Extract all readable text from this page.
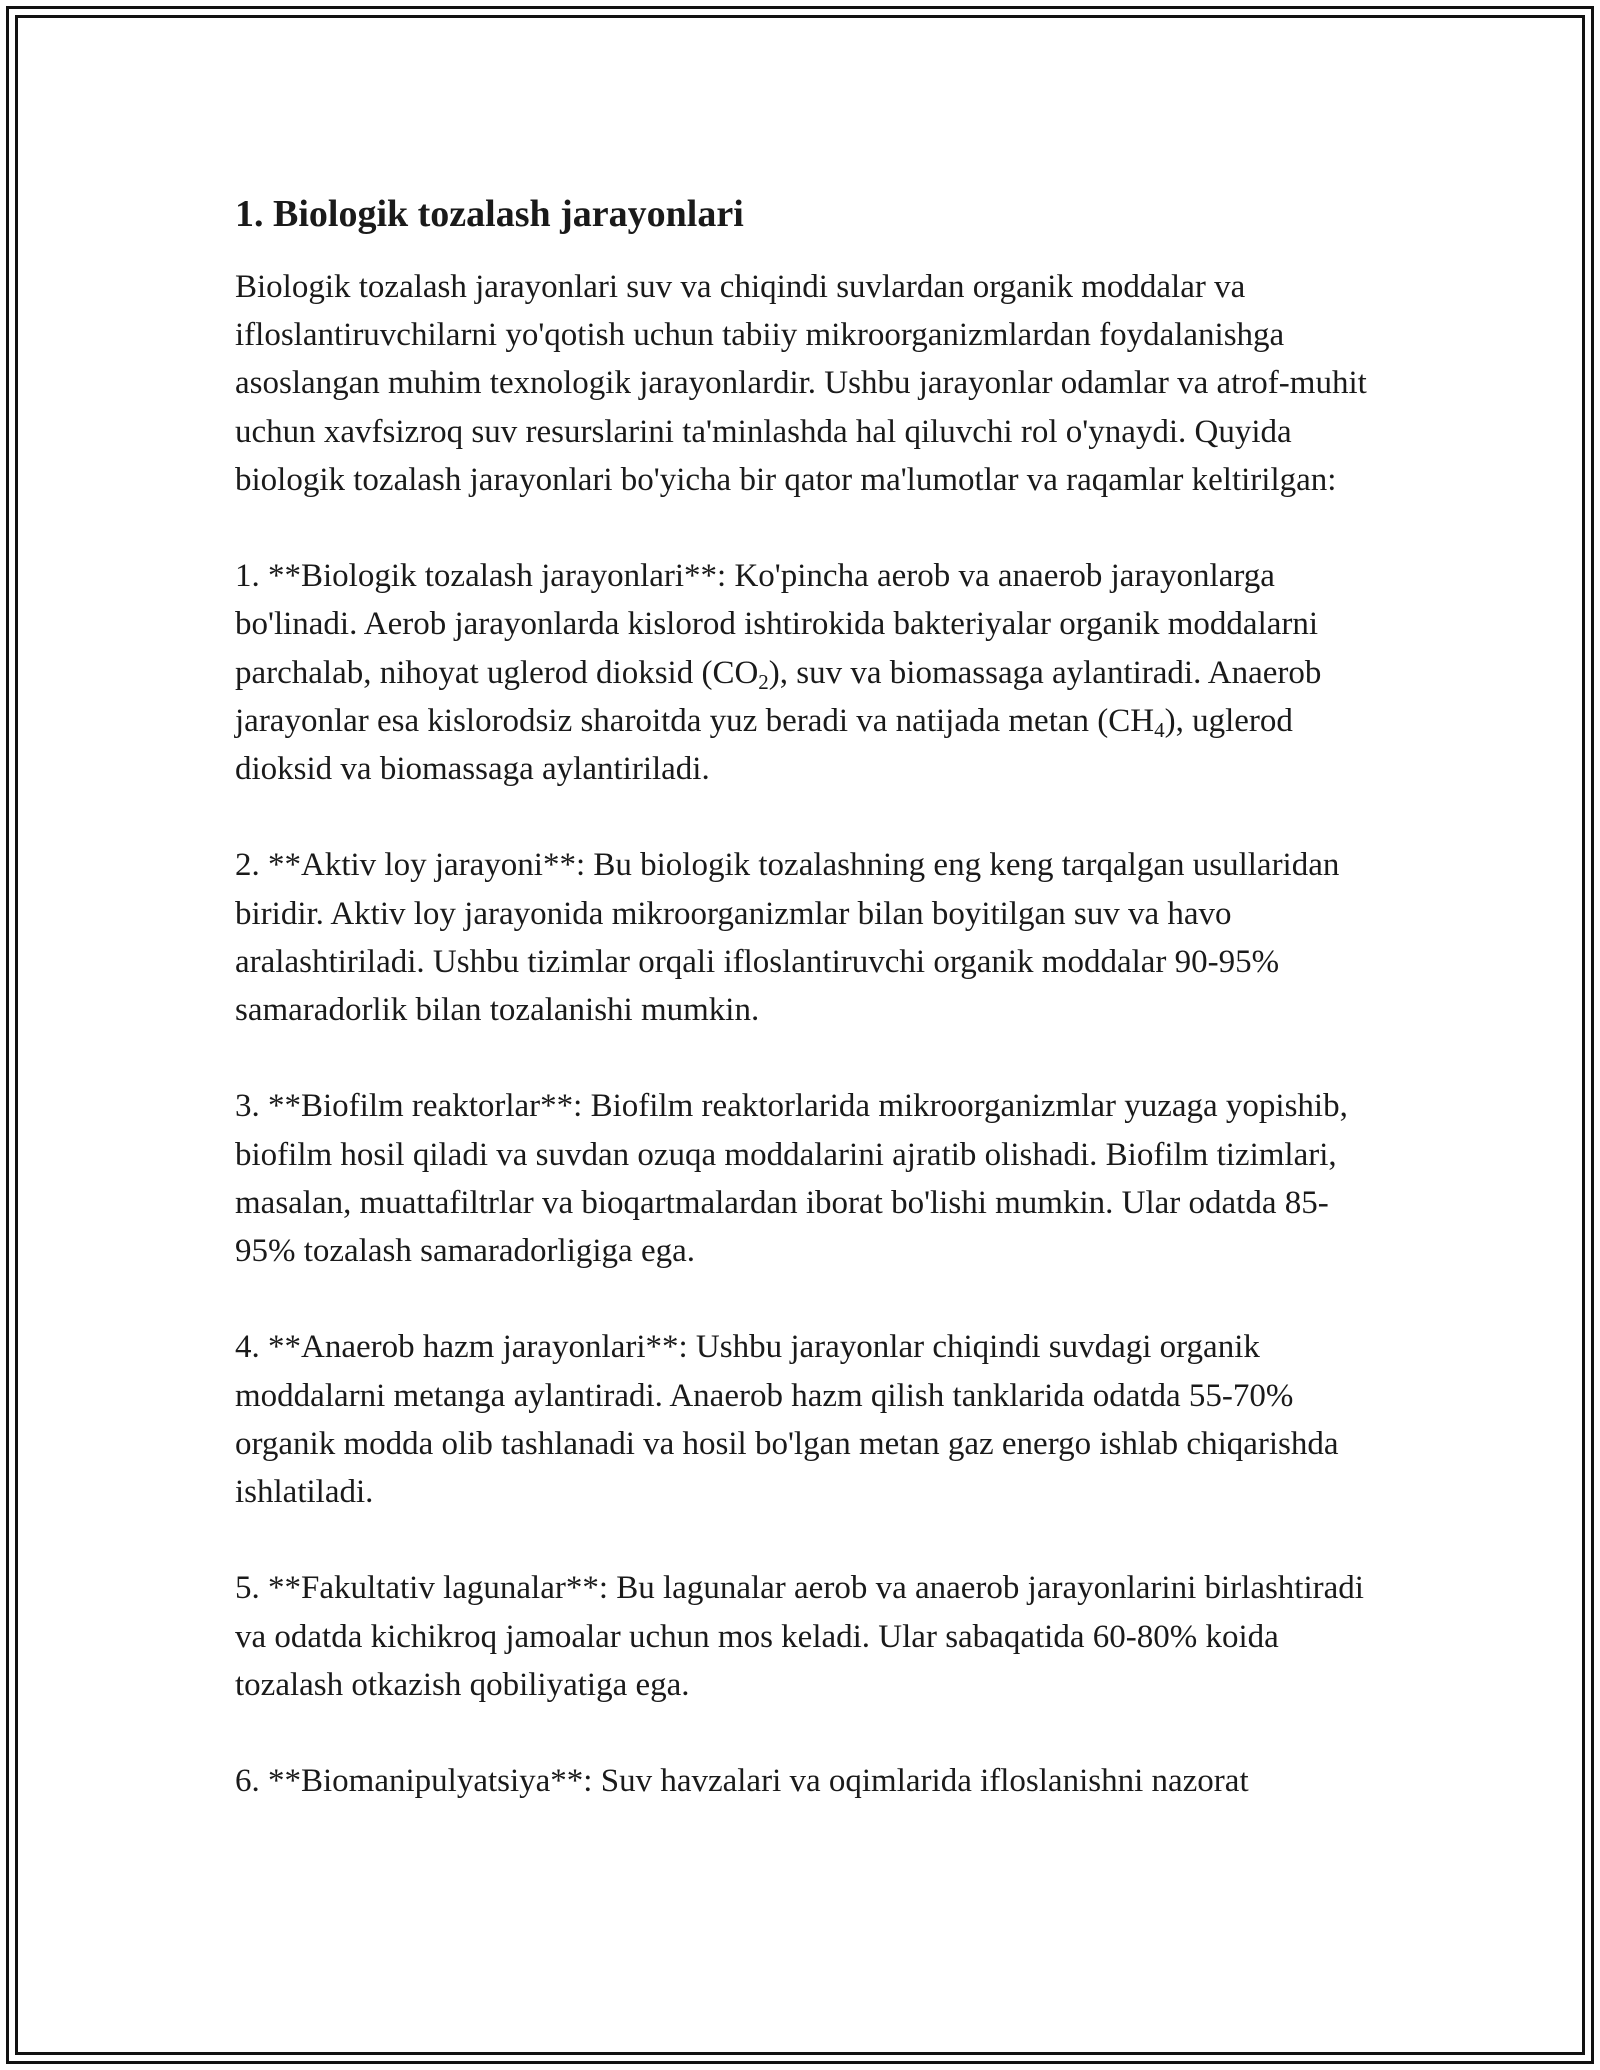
1. Biologik tozalash jarayonlari

Biologik tozalash jarayonlari suv va chiqindi suvlardan organik moddalar va ifloslantiruvchilarni yo'qotish uchun tabiiy mikroorganizmlardan foydalanishga asoslangan muhim texnologik jarayonlardir. Ushbu jarayonlar odamlar va atrof-muhit uchun xavfsizroq suv resurslarini ta'minlashda hal qiluvchi rol o'ynaydi. Quyida biologik tozalash jarayonlari bo'yicha bir qator ma'lumotlar va raqamlar keltirilgan:

1. **Biologik tozalash jarayonlari**: Ko'pincha aerob va anaerob jarayonlarga bo'linadi. Aerob jarayonlarda kislorod ishtirokida bakteriyalar organik moddalarni parchalab, nihoyat uglerod dioksid $(CO_2)$, suv va biomassaga aylantiradi. Anaerob jarayonlar esa kislorodsiz sharoitda yuz beradi va natijada metan $(CH_4)$, uglerod dioksid va biomassaga aylantiriladi.

2. **Aktiv loy jarayoni**: Bu biologik tozalashning eng keng tarqalgan usullaridan biridir. Aktiv loy jarayonida mikroorganizmlar bilan boyitilgan suv va havo aralashtiriladi. Ushbu tizimlar orqali ifloslantiruvchi organik moddalar 90-95% samaradorlik bilan tozalanishi mumkin.

3. **Biofilm reaktorlar**: Biofilm reaktorlarida mikroorganizmlar yuzaga yopishib, biofilm hosil qiladi va suvdan ozuqa moddalarini ajratib olishadi. Biofilm tizimlari, masalan, muattafiltrlar va bioqartmalardan iborat bo'lishi mumkin. Ular odatda 85-95% tozalash samaradorligiga ega.

4. **Anaerob hazm jarayonlari**: Ushbu jarayonlar chiqindi suvdagi organik moddalarni metanga aylantiradi. Anaerob hazm qilish tanklarida odatda 55-70% organik modda olib tashlanadi va hosil bo'lgan metan gaz energo ishlab chiqarishda ishlatiladi.

5. **Fakultativ lagunalar**: Bu lagunalar aerob va anaerob jarayonlarini birlashtiradi va odatda kichikroq jamoalar uchun mos keladi. Ular sabaqatida 60-80% koida tozalash otkazish qobiliyatiga ega.

6. **Biomanipulyatsiya**: Suv havzalari va oqimlarida ifloslanishni nazorat
